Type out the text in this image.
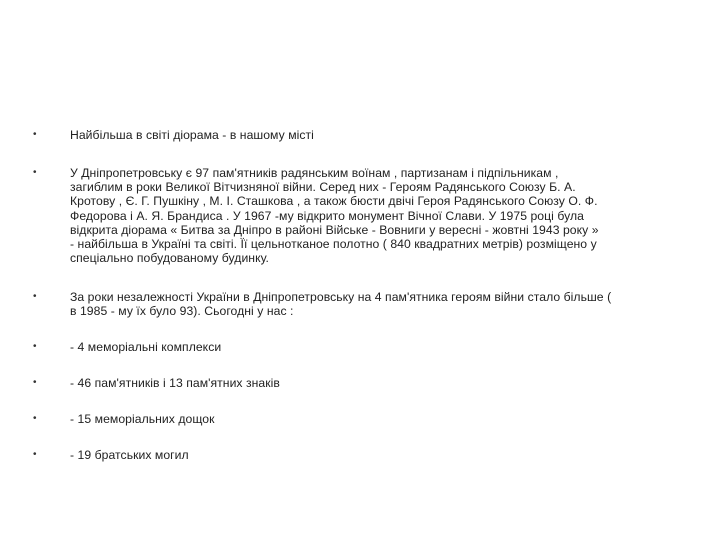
•	Найбільша в світі діорама - в нашому місті
•	У Дніпропетровську є 97 пам'ятників радянським воїнам , партизанам і підпільникам ,
загиблим в роки Великої Вітчизняної війни. Серед них - Героям Радянського Союзу Б. А.
Кротову , Є. Г. Пушкіну , М. І. Сташкова , а також бюсти двічі Героя Радянського Союзу О. Ф.
Федорова і А. Я. Брандиса . У 1967 -му відкрито монумент Вічної Слави. У 1975 році була
відкрита діорама « Битва за Дніпро в районі Війське - Вовниги у вересні - жовтні 1943 року »
- найбільша в Україні та світі. Її цельнотканое полотно ( 840 квадратних метрів) розміщено у
спеціально побудованому будинку.
•	За роки незалежності України в Дніпропетровську на 4 пам'ятника героям війни стало більше (
в 1985 - му їх було 93). Сьогодні у нас :
•	- 4 меморіальні комплекси
•	- 46 пам'ятників і 13 пам'ятних знаків
•	- 15 меморіальних дощок
•	- 19 братських могил
